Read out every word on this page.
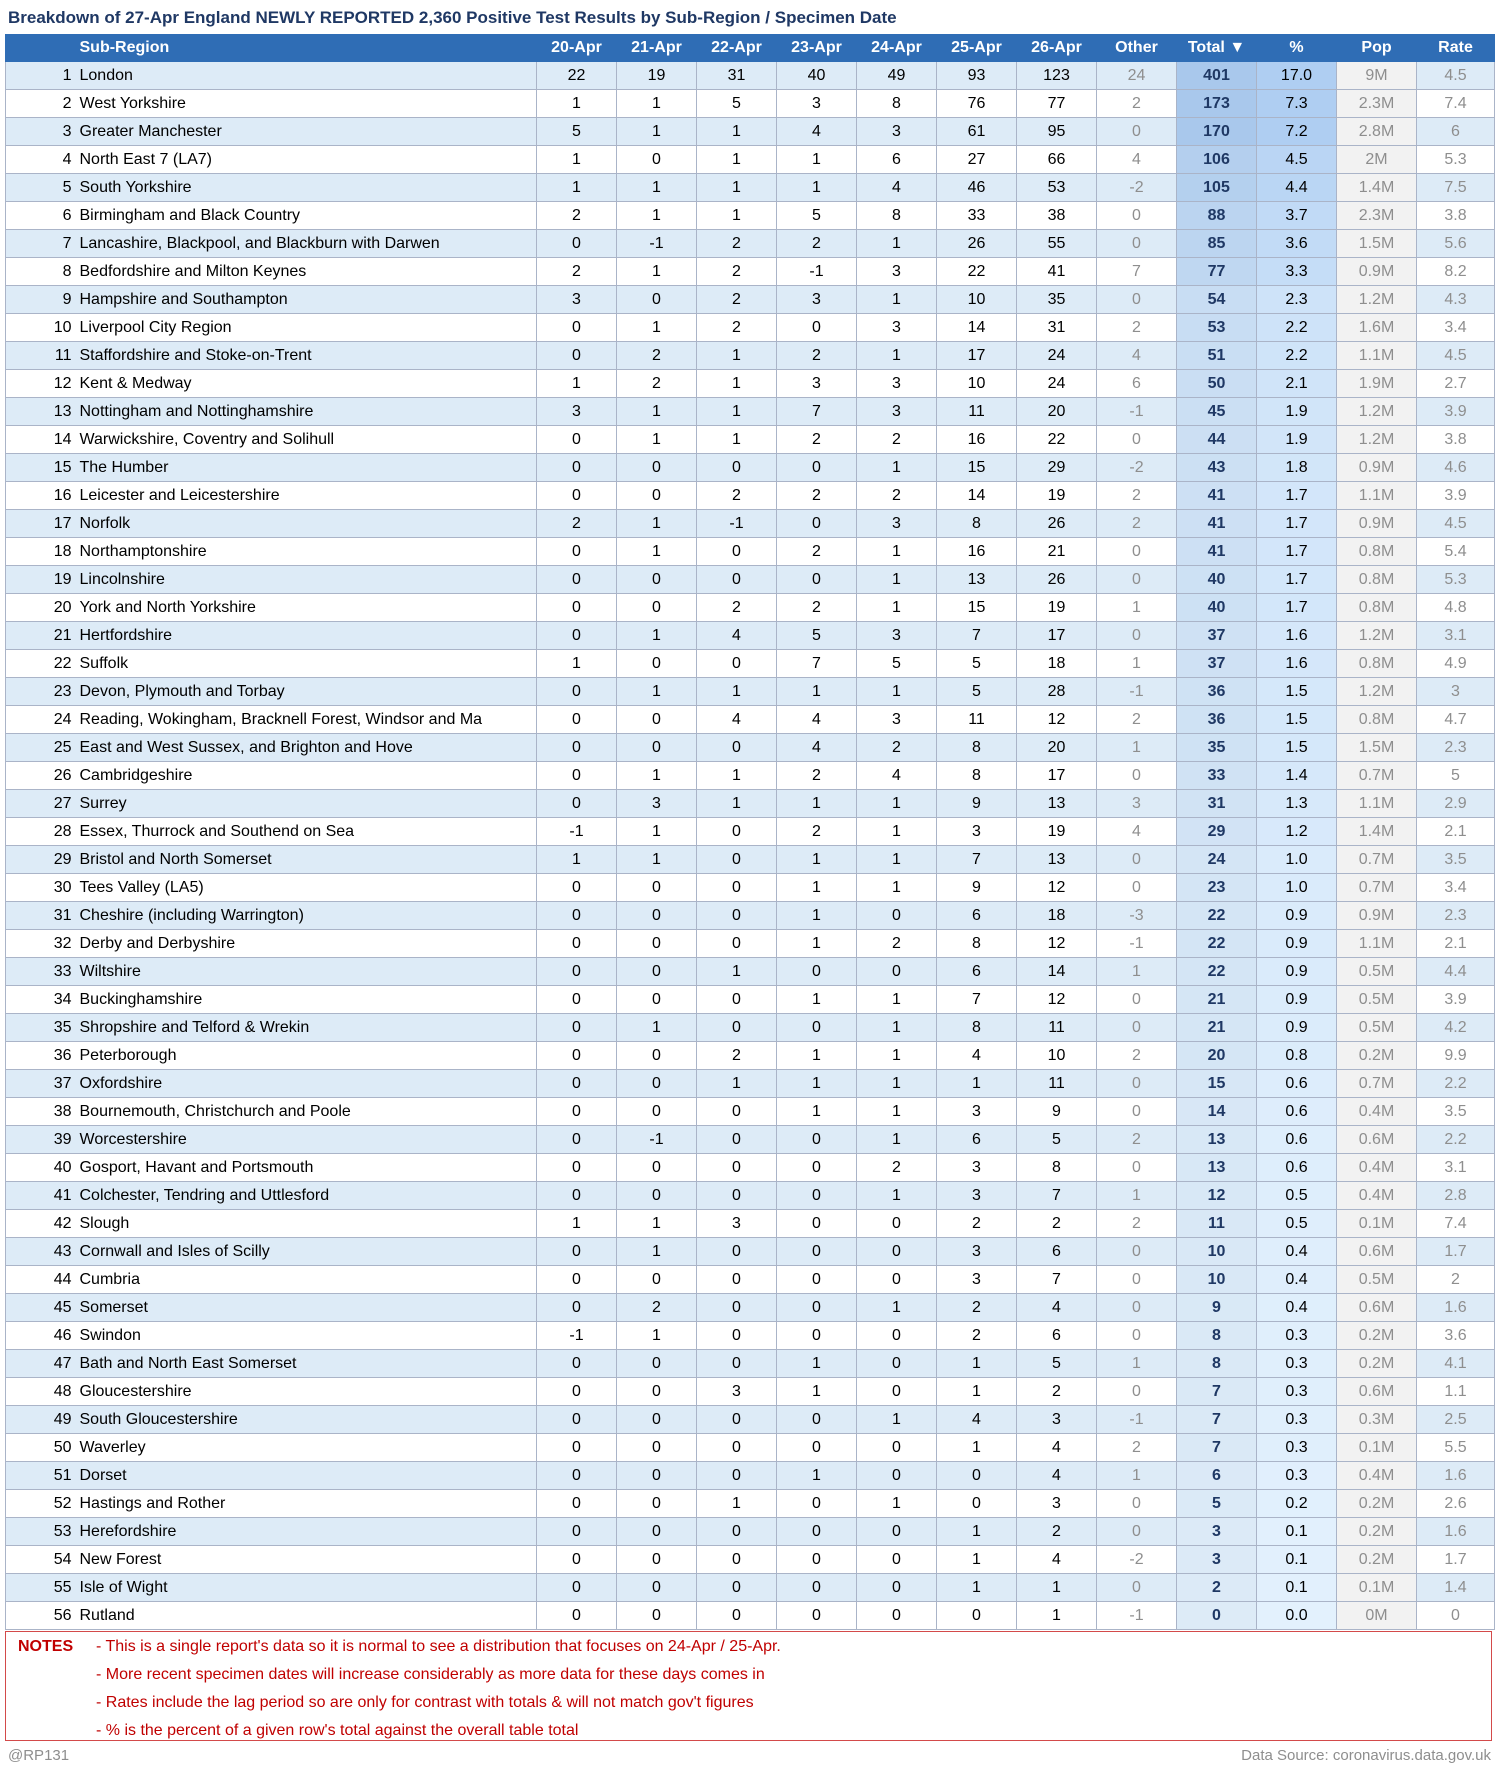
Breakdown of 27-Apr England NEWLY REPORTED 2,360 Positive Test Results by Sub-Region / Specimen Date
	Sub-Region	20-Apr	21-Apr	22-Apr	23-Apr	24-Apr	25-Apr	26-Apr	Other	Total ▼	%	Pop	Rate
1	London	22	19	31	40	49	93	123	24	401	17.0	9M	4.5
2	West Yorkshire	1	1	5	3	8	76	77	2	173	7.3	2.3M	7.4
3	Greater Manchester	5	1	1	4	3	61	95	0	170	7.2	2.8M	6
4	North East 7 (LA7)	1	0	1	1	6	27	66	4	106	4.5	2M	5.3
5	South Yorkshire	1	1	1	1	4	46	53	-2	105	4.4	1.4M	7.5
6	Birmingham and Black Country	2	1	1	5	8	33	38	0	88	3.7	2.3M	3.8
7	Lancashire, Blackpool, and Blackburn with Darwen	0	-1	2	2	1	26	55	0	85	3.6	1.5M	5.6
8	Bedfordshire and Milton Keynes	2	1	2	-1	3	22	41	7	77	3.3	0.9M	8.2
9	Hampshire and Southampton	3	0	2	3	1	10	35	0	54	2.3	1.2M	4.3
10	Liverpool City Region	0	1	2	0	3	14	31	2	53	2.2	1.6M	3.4
11	Staffordshire and Stoke-on-Trent	0	2	1	2	1	17	24	4	51	2.2	1.1M	4.5
12	Kent & Medway	1	2	1	3	3	10	24	6	50	2.1	1.9M	2.7
13	Nottingham and Nottinghamshire	3	1	1	7	3	11	20	-1	45	1.9	1.2M	3.9
14	Warwickshire, Coventry and Solihull	0	1	1	2	2	16	22	0	44	1.9	1.2M	3.8
15	The Humber	0	0	0	0	1	15	29	-2	43	1.8	0.9M	4.6
16	Leicester and Leicestershire	0	0	2	2	2	14	19	2	41	1.7	1.1M	3.9
17	Norfolk	2	1	-1	0	3	8	26	2	41	1.7	0.9M	4.5
18	Northamptonshire	0	1	0	2	1	16	21	0	41	1.7	0.8M	5.4
19	Lincolnshire	0	0	0	0	1	13	26	0	40	1.7	0.8M	5.3
20	York and North Yorkshire	0	0	2	2	1	15	19	1	40	1.7	0.8M	4.8
21	Hertfordshire	0	1	4	5	3	7	17	0	37	1.6	1.2M	3.1
22	Suffolk	1	0	0	7	5	5	18	1	37	1.6	0.8M	4.9
23	Devon, Plymouth and Torbay	0	1	1	1	1	5	28	-1	36	1.5	1.2M	3
24	Reading, Wokingham, Bracknell Forest, Windsor and Ma	0	0	4	4	3	11	12	2	36	1.5	0.8M	4.7
25	East and West Sussex, and Brighton and Hove	0	0	0	4	2	8	20	1	35	1.5	1.5M	2.3
26	Cambridgeshire	0	1	1	2	4	8	17	0	33	1.4	0.7M	5
27	Surrey	0	3	1	1	1	9	13	3	31	1.3	1.1M	2.9
28	Essex, Thurrock and Southend on Sea	-1	1	0	2	1	3	19	4	29	1.2	1.4M	2.1
29	Bristol and North Somerset	1	1	0	1	1	7	13	0	24	1.0	0.7M	3.5
30	Tees Valley (LA5)	0	0	0	1	1	9	12	0	23	1.0	0.7M	3.4
31	Cheshire (including Warrington)	0	0	0	1	0	6	18	-3	22	0.9	0.9M	2.3
32	Derby and Derbyshire	0	0	0	1	2	8	12	-1	22	0.9	1.1M	2.1
33	Wiltshire	0	0	1	0	0	6	14	1	22	0.9	0.5M	4.4
34	Buckinghamshire	0	0	0	1	1	7	12	0	21	0.9	0.5M	3.9
35	Shropshire and Telford & Wrekin	0	1	0	0	1	8	11	0	21	0.9	0.5M	4.2
36	Peterborough	0	0	2	1	1	4	10	2	20	0.8	0.2M	9.9
37	Oxfordshire	0	0	1	1	1	1	11	0	15	0.6	0.7M	2.2
38	Bournemouth, Christchurch and Poole	0	0	0	1	1	3	9	0	14	0.6	0.4M	3.5
39	Worcestershire	0	-1	0	0	1	6	5	2	13	0.6	0.6M	2.2
40	Gosport, Havant and Portsmouth	0	0	0	0	2	3	8	0	13	0.6	0.4M	3.1
41	Colchester, Tendring and Uttlesford	0	0	0	0	1	3	7	1	12	0.5	0.4M	2.8
42	Slough	1	1	3	0	0	2	2	2	11	0.5	0.1M	7.4
43	Cornwall and Isles of Scilly	0	1	0	0	0	3	6	0	10	0.4	0.6M	1.7
44	Cumbria	0	0	0	0	0	3	7	0	10	0.4	0.5M	2
45	Somerset	0	2	0	0	1	2	4	0	9	0.4	0.6M	1.6
46	Swindon	-1	1	0	0	0	2	6	0	8	0.3	0.2M	3.6
47	Bath and North East Somerset	0	0	0	1	0	1	5	1	8	0.3	0.2M	4.1
48	Gloucestershire	0	0	3	1	0	1	2	0	7	0.3	0.6M	1.1
49	South Gloucestershire	0	0	0	0	1	4	3	-1	7	0.3	0.3M	2.5
50	Waverley	0	0	0	0	0	1	4	2	7	0.3	0.1M	5.5
51	Dorset	0	0	0	1	0	0	4	1	6	0.3	0.4M	1.6
52	Hastings and Rother	0	0	1	0	1	0	3	0	5	0.2	0.2M	2.6
53	Herefordshire	0	0	0	0	0	1	2	0	3	0.1	0.2M	1.6
54	New Forest	0	0	0	0	0	1	4	-2	3	0.1	0.2M	1.7
55	Isle of Wight	0	0	0	0	0	1	1	0	2	0.1	0.1M	1.4
56	Rutland	0	0	0	0	0	0	1	-1	0	0.0	0M	0
NOTES - This is a single report's data so it is normal to see a distribution that focuses on 24-Apr / 25-Apr.
- More recent specimen dates will increase considerably as more data for these days comes in
- Rates include the lag period so are only for contrast with totals & will not match gov't figures
- % is the percent of a given row's total against the overall table total
@RP131	Data Source: coronavirus.data.gov.uk
